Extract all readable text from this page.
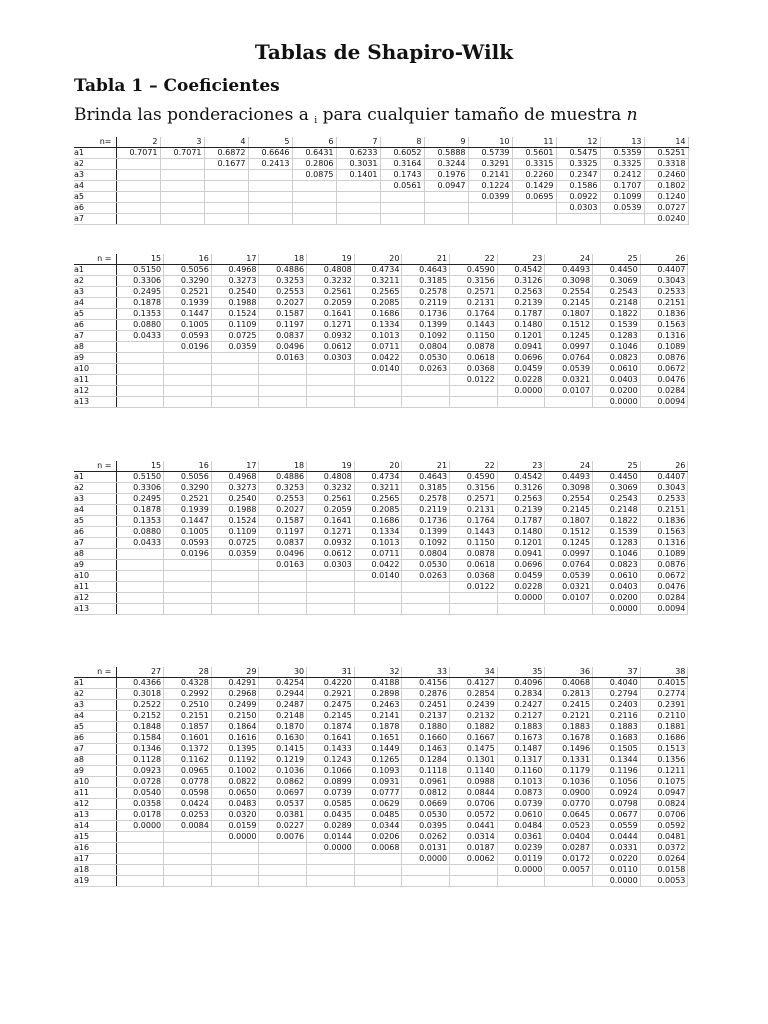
Tablas de Shapiro-Wilk
Tabla 1 – Coeficientes
Brinda las ponderaciones a $_i$ para cualquier tamaño de muestra n
n=	2	3	4	5	6	7	8	9	10	11	12	13	14
a1	0.7071	0.7071	0.6872	0.6646	0.6431	0.6233	0.6052	0.5888	0.5739	0.5601	0.5475	0.5359	0.5251
a2			0.1677	0.2413	0.2806	0.3031	0.3164	0.3244	0.3291	0.3315	0.3325	0.3325	0.3318
a3					0.0875	0.1401	0.1743	0.1976	0.2141	0.2260	0.2347	0.2412	0.2460
a4							0.0561	0.0947	0.1224	0.1429	0.1586	0.1707	0.1802
a5									0.0399	0.0695	0.0922	0.1099	0.1240
a6											0.0303	0.0539	0.0727
a7													0.0240
n =	15	16	17	18	19	20	21	22	23	24	25	26
a1	0.5150	0.5056	0.4968	0.4886	0.4808	0.4734	0.4643	0.4590	0.4542	0.4493	0.4450	0.4407
a2	0.3306	0.3290	0.3273	0.3253	0.3232	0.3211	0.3185	0.3156	0.3126	0.3098	0.3069	0.3043
a3	0.2495	0.2521	0.2540	0.2553	0.2561	0.2565	0.2578	0.2571	0.2563	0.2554	0.2543	0.2533
a4	0.1878	0.1939	0.1988	0.2027	0.2059	0.2085	0.2119	0.2131	0.2139	0.2145	0.2148	0.2151
a5	0.1353	0.1447	0.1524	0.1587	0.1641	0.1686	0.1736	0.1764	0.1787	0.1807	0.1822	0.1836
a6	0.0880	0.1005	0.1109	0.1197	0.1271	0.1334	0.1399	0.1443	0.1480	0.1512	0.1539	0.1563
a7	0.0433	0.0593	0.0725	0.0837	0.0932	0.1013	0.1092	0.1150	0.1201	0.1245	0.1283	0.1316
a8		0.0196	0.0359	0.0496	0.0612	0.0711	0.0804	0.0878	0.0941	0.0997	0.1046	0.1089
a9				0.0163	0.0303	0.0422	0.0530	0.0618	0.0696	0.0764	0.0823	0.0876
a10						0.0140	0.0263	0.0368	0.0459	0.0539	0.0610	0.0672
a11								0.0122	0.0228	0.0321	0.0403	0.0476
a12									0.0000	0.0107	0.0200	0.0284
a13											0.0000	0.0094
n =	15	16	17	18	19	20	21	22	23	24	25	26
a1	0.5150	0.5056	0.4968	0.4886	0.4808	0.4734	0.4643	0.4590	0.4542	0.4493	0.4450	0.4407
a2	0.3306	0.3290	0.3273	0.3253	0.3232	0.3211	0.3185	0.3156	0.3126	0.3098	0.3069	0.3043
a3	0.2495	0.2521	0.2540	0.2553	0.2561	0.2565	0.2578	0.2571	0.2563	0.2554	0.2543	0.2533
a4	0.1878	0.1939	0.1988	0.2027	0.2059	0.2085	0.2119	0.2131	0.2139	0.2145	0.2148	0.2151
a5	0.1353	0.1447	0.1524	0.1587	0.1641	0.1686	0.1736	0.1764	0.1787	0.1807	0.1822	0.1836
a6	0.0880	0.1005	0.1109	0.1197	0.1271	0.1334	0.1399	0.1443	0.1480	0.1512	0.1539	0.1563
a7	0.0433	0.0593	0.0725	0.0837	0.0932	0.1013	0.1092	0.1150	0.1201	0.1245	0.1283	0.1316
a8		0.0196	0.0359	0.0496	0.0612	0.0711	0.0804	0.0878	0.0941	0.0997	0.1046	0.1089
a9				0.0163	0.0303	0.0422	0.0530	0.0618	0.0696	0.0764	0.0823	0.0876
a10						0.0140	0.0263	0.0368	0.0459	0.0539	0.0610	0.0672
a11								0.0122	0.0228	0.0321	0.0403	0.0476
a12									0.0000	0.0107	0.0200	0.0284
a13											0.0000	0.0094
n =	27	28	29	30	31	32	33	34	35	36	37	38
a1	0.4366	0.4328	0.4291	0.4254	0.4220	0.4188	0.4156	0.4127	0.4096	0.4068	0.4040	0.4015
a2	0.3018	0.2992	0.2968	0.2944	0.2921	0.2898	0.2876	0.2854	0.2834	0.2813	0.2794	0.2774
a3	0.2522	0.2510	0.2499	0.2487	0.2475	0.2463	0.2451	0.2439	0.2427	0.2415	0.2403	0.2391
a4	0.2152	0.2151	0.2150	0.2148	0.2145	0.2141	0.2137	0.2132	0.2127	0.2121	0.2116	0.2110
a5	0.1848	0.1857	0.1864	0.1870	0.1874	0.1878	0.1880	0.1882	0.1883	0.1883	0.1883	0.1881
a6	0.1584	0.1601	0.1616	0.1630	0.1641	0.1651	0.1660	0.1667	0.1673	0.1678	0.1683	0.1686
a7	0.1346	0.1372	0.1395	0.1415	0.1433	0.1449	0.1463	0.1475	0.1487	0.1496	0.1505	0.1513
a8	0.1128	0.1162	0.1192	0.1219	0.1243	0.1265	0.1284	0.1301	0.1317	0.1331	0.1344	0.1356
a9	0.0923	0.0965	0.1002	0.1036	0.1066	0.1093	0.1118	0.1140	0.1160	0.1179	0.1196	0.1211
a10	0.0728	0.0778	0.0822	0.0862	0.0899	0.0931	0.0961	0.0988	0.1013	0.1036	0.1056	0.1075
a11	0.0540	0.0598	0.0650	0.0697	0.0739	0.0777	0.0812	0.0844	0.0873	0.0900	0.0924	0.0947
a12	0.0358	0.0424	0.0483	0.0537	0.0585	0.0629	0.0669	0.0706	0.0739	0.0770	0.0798	0.0824
a13	0.0178	0.0253	0.0320	0.0381	0.0435	0.0485	0.0530	0.0572	0.0610	0.0645	0.0677	0.0706
a14	0.0000	0.0084	0.0159	0.0227	0.0289	0.0344	0.0395	0.0441	0.0484	0.0523	0.0559	0.0592
a15			0.0000	0.0076	0.0144	0.0206	0.0262	0.0314	0.0361	0.0404	0.0444	0.0481
a16					0.0000	0.0068	0.0131	0.0187	0.0239	0.0287	0.0331	0.0372
a17							0.0000	0.0062	0.0119	0.0172	0.0220	0.0264
a18									0.0000	0.0057	0.0110	0.0158
a19											0.0000	0.0053
